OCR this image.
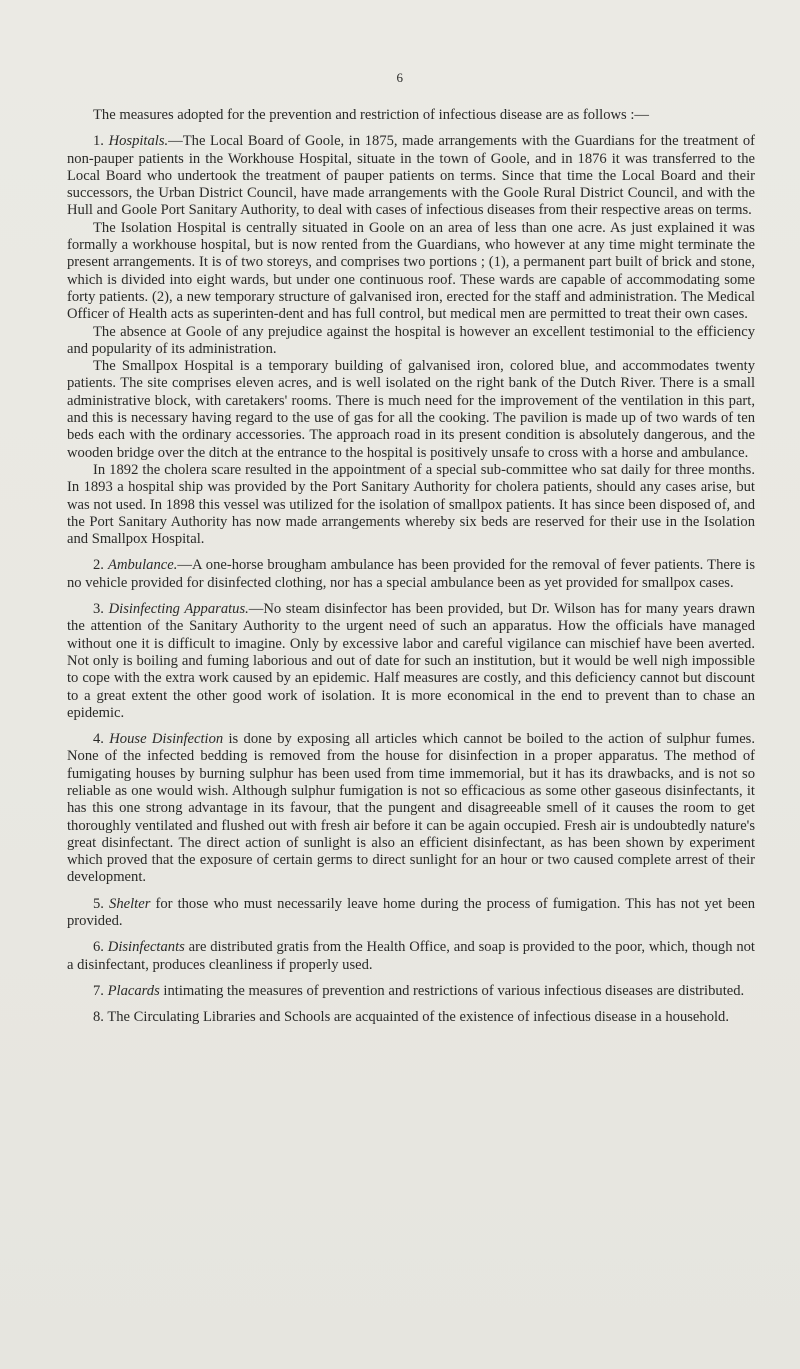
6

The measures adopted for the prevention and restriction of infectious disease are as follows :—

1. Hospitals.—The Local Board of Goole, in 1875, made arrangements with the Guardians for the treatment of non-pauper patients in the Workhouse Hospital, situate in the town of Goole, and in 1876 it was transferred to the Local Board who undertook the treatment of pauper patients on terms. Since that time the Local Board and their successors, the Urban District Council, have made arrangements with the Goole Rural District Council, and with the Hull and Goole Port Sanitary Authority, to deal with cases of infectious diseases from their respective areas on terms.

The Isolation Hospital is centrally situated in Goole on an area of less than one acre. As just explained it was formally a workhouse hospital, but is now rented from the Guardians, who however at any time might terminate the present arrangements. It is of two storeys, and comprises two portions ; (1), a permanent part built of brick and stone, which is divided into eight wards, but under one continuous roof. These wards are capable of accommodating some forty patients. (2), a new temporary structure of galvanised iron, erected for the staff and administration. The Medical Officer of Health acts as superinten-dent and has full control, but medical men are permitted to treat their own cases.

The absence at Goole of any prejudice against the hospital is however an excellent testimonial to the efficiency and popularity of its administration.

The Smallpox Hospital is a temporary building of galvanised iron, colored blue, and accommodates twenty patients. The site comprises eleven acres, and is well isolated on the right bank of the Dutch River. There is a small administrative block, with caretakers' rooms. There is much need for the improvement of the ventilation in this part, and this is necessary having regard to the use of gas for all the cooking. The pavilion is made up of two wards of ten beds each with the ordinary accessories. The approach road in its present condition is absolutely dangerous, and the wooden bridge over the ditch at the entrance to the hospital is positively unsafe to cross with a horse and ambulance.

In 1892 the cholera scare resulted in the appointment of a special sub-committee who sat daily for three months. In 1893 a hospital ship was provided by the Port Sanitary Authority for cholera patients, should any cases arise, but was not used. In 1898 this vessel was utilized for the isolation of smallpox patients. It has since been disposed of, and the Port Sanitary Authority has now made arrangements whereby six beds are reserved for their use in the Isolation and Smallpox Hospital.

2. Ambulance.—A one-horse brougham ambulance has been provided for the removal of fever patients. There is no vehicle provided for disinfected clothing, nor has a special ambulance been as yet provided for smallpox cases.

3. Disinfecting Apparatus.—No steam disinfector has been provided, but Dr. Wilson has for many years drawn the attention of the Sanitary Authority to the urgent need of such an apparatus. How the officials have managed without one it is difficult to imagine. Only by excessive labor and careful vigilance can mischief have been averted. Not only is boiling and fuming laborious and out of date for such an institution, but it would be well nigh impossible to cope with the extra work caused by an epidemic. Half measures are costly, and this deficiency cannot but discount to a great extent the other good work of isolation. It is more economical in the end to prevent than to chase an epidemic.

4. House Disinfection is done by exposing all articles which cannot be boiled to the action of sulphur fumes. None of the infected bedding is removed from the house for disinfection in a proper apparatus. The method of fumigating houses by burning sulphur has been used from time immemorial, but it has its drawbacks, and is not so reliable as one would wish. Although sulphur fumigation is not so efficacious as some other gaseous disinfectants, it has this one strong advantage in its favour, that the pungent and disagreeable smell of it causes the room to get thoroughly ventilated and flushed out with fresh air before it can be again occupied. Fresh air is undoubtedly nature's great disinfectant. The direct action of sunlight is also an efficient disinfectant, as has been shown by experiment which proved that the exposure of certain germs to direct sunlight for an hour or two caused complete arrest of their development.

5. Shelter for those who must necessarily leave home during the process of fumigation. This has not yet been provided.

6. Disinfectants are distributed gratis from the Health Office, and soap is provided to the poor, which, though not a disinfectant, produces cleanliness if properly used.

7. Placards intimating the measures of prevention and restrictions of various infectious diseases are distributed.

8. The Circulating Libraries and Schools are acquainted of the existence of infectious disease in a household.
